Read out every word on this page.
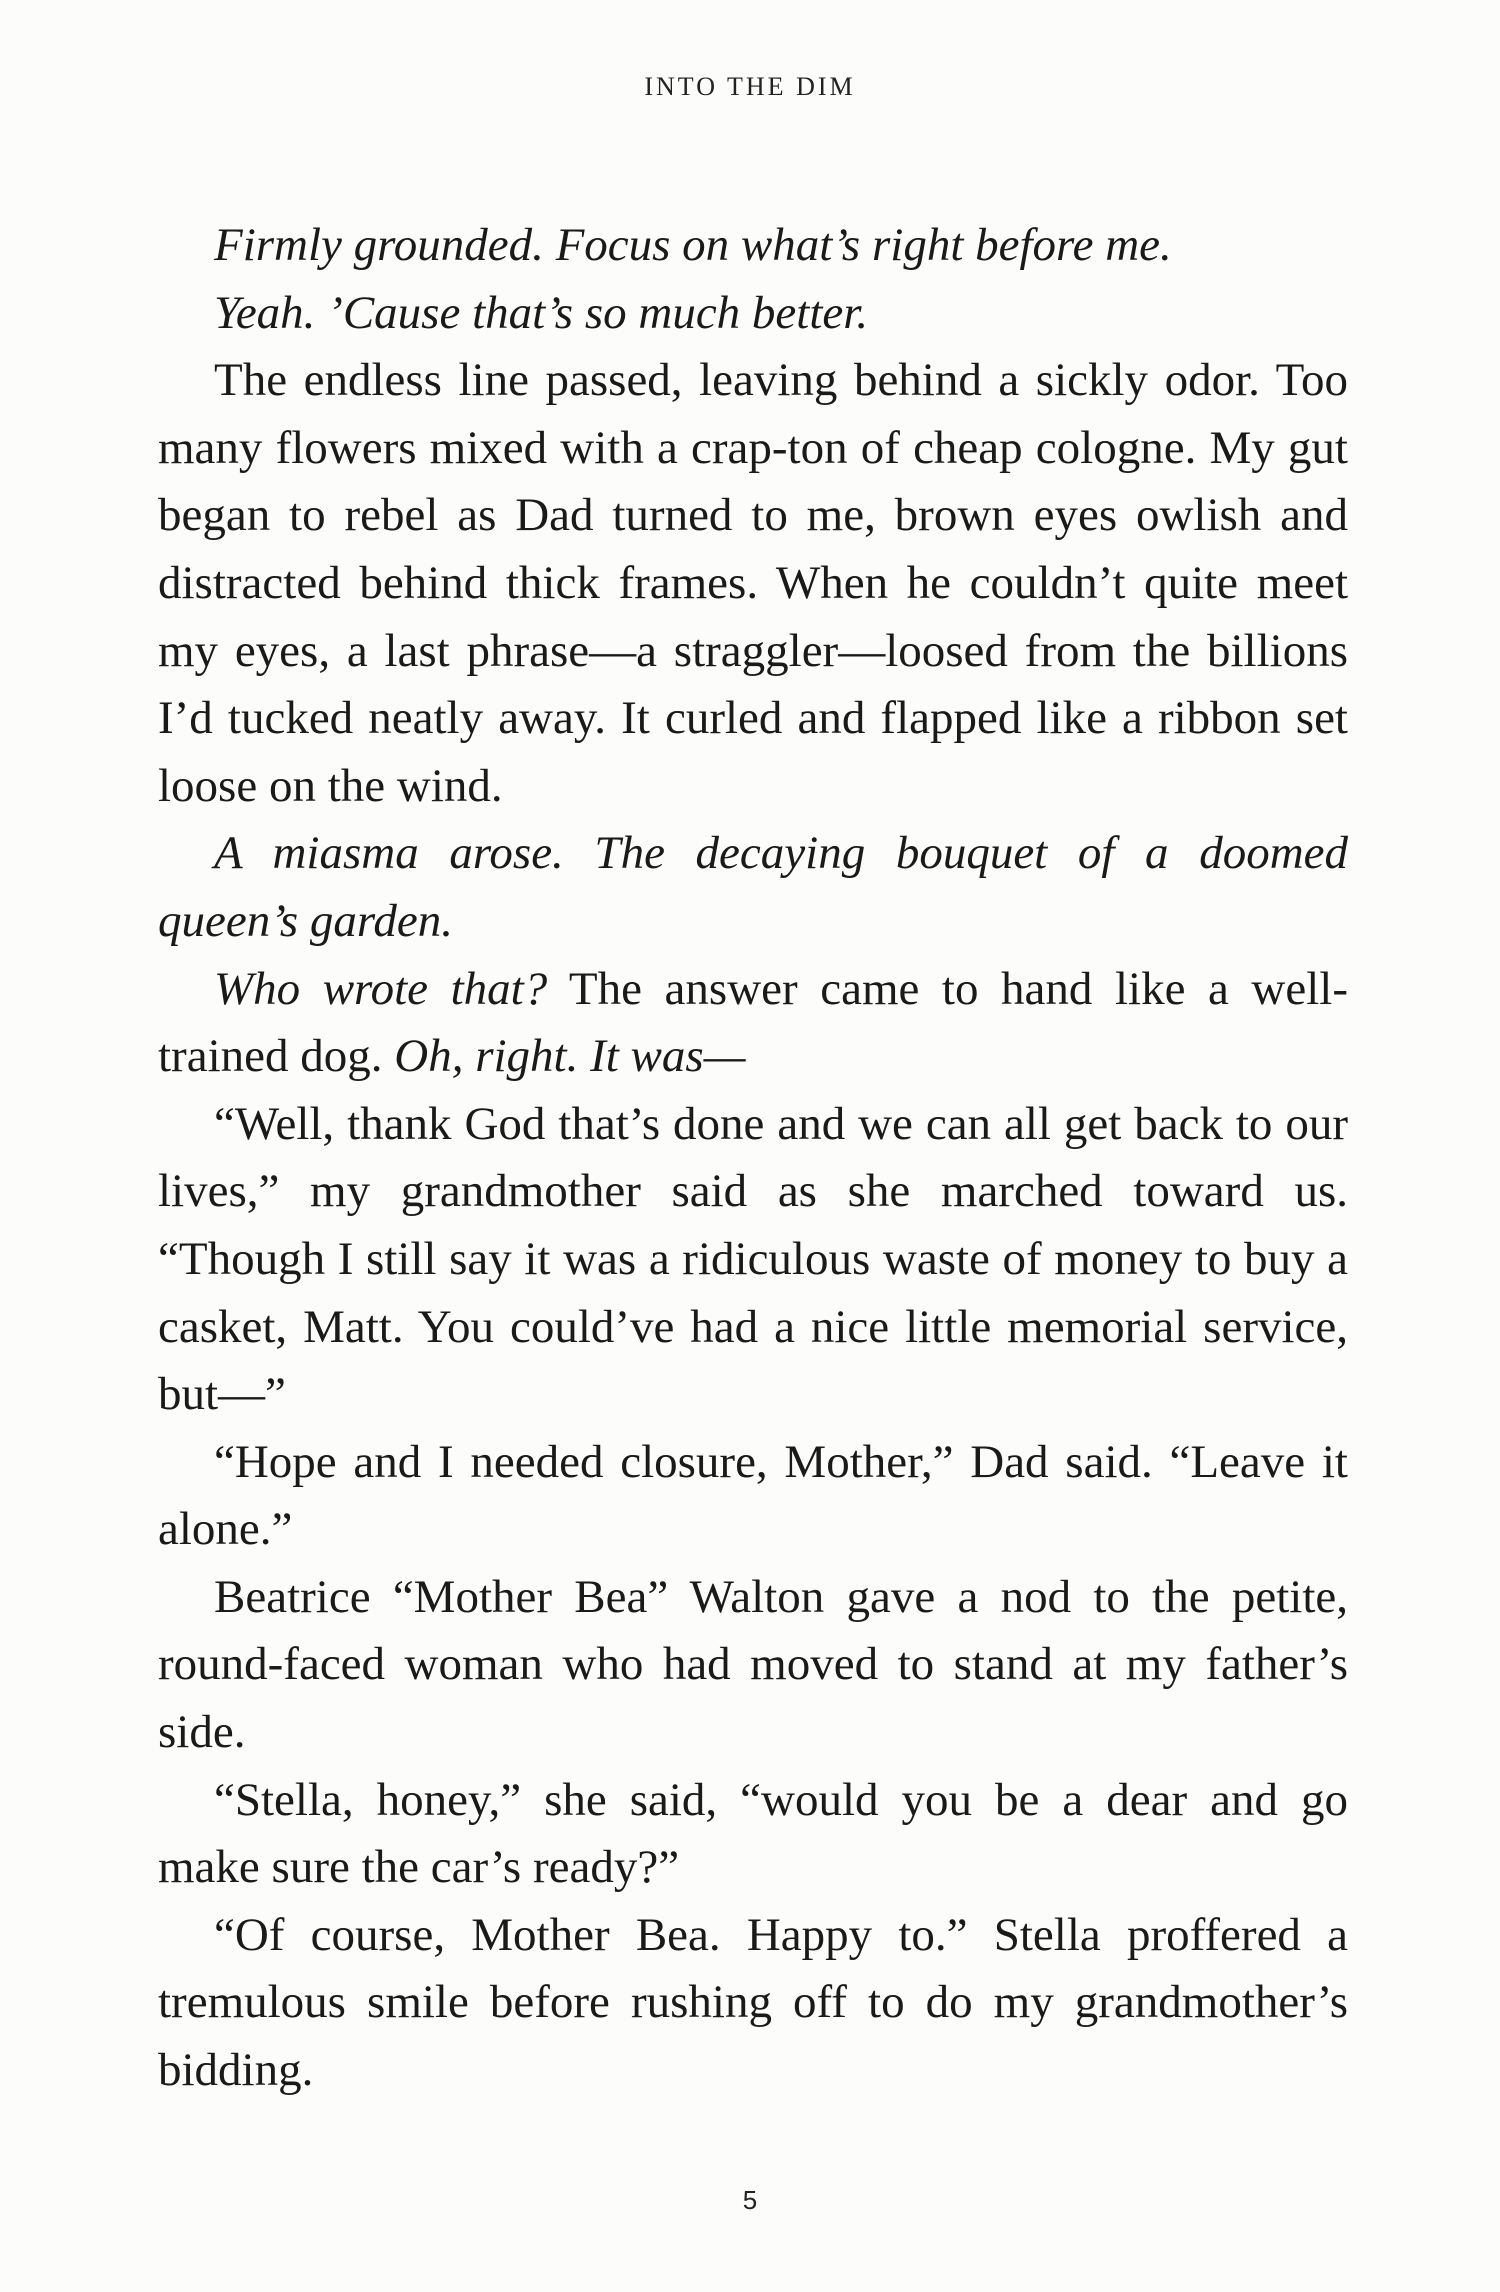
INTO THE DIM

Firmly grounded. Focus on what’s right before me.

Yeah. ’Cause that’s so much better.

The endless line passed, leaving behind a sickly odor. Too many flowers mixed with a crap-ton of cheap cologne. My gut began to rebel as Dad turned to me, brown eyes owlish and distracted behind thick frames. When he couldn’t quite meet my eyes, a last phrase—a straggler—loosed from the billions I’d tucked neatly away. It curled and flapped like a ribbon set loose on the wind.

A miasma arose. The decaying bouquet of a doomed queen’s garden.

Who wrote that? The answer came to hand like a well-trained dog. Oh, right. It was—

“Well, thank God that’s done and we can all get back to our lives,” my grandmother said as she marched toward us. “Though I still say it was a ridiculous waste of money to buy a casket, Matt. You could’ve had a nice little memorial service, but—”

“Hope and I needed closure, Mother,” Dad said. “Leave it alone.”

Beatrice “Mother Bea” Walton gave a nod to the petite, round-faced woman who had moved to stand at my father’s side.

“Stella, honey,” she said, “would you be a dear and go make sure the car’s ready?”

“Of course, Mother Bea. Happy to.” Stella proffered a tremulous smile before rushing off to do my grandmother’s bidding.

5
